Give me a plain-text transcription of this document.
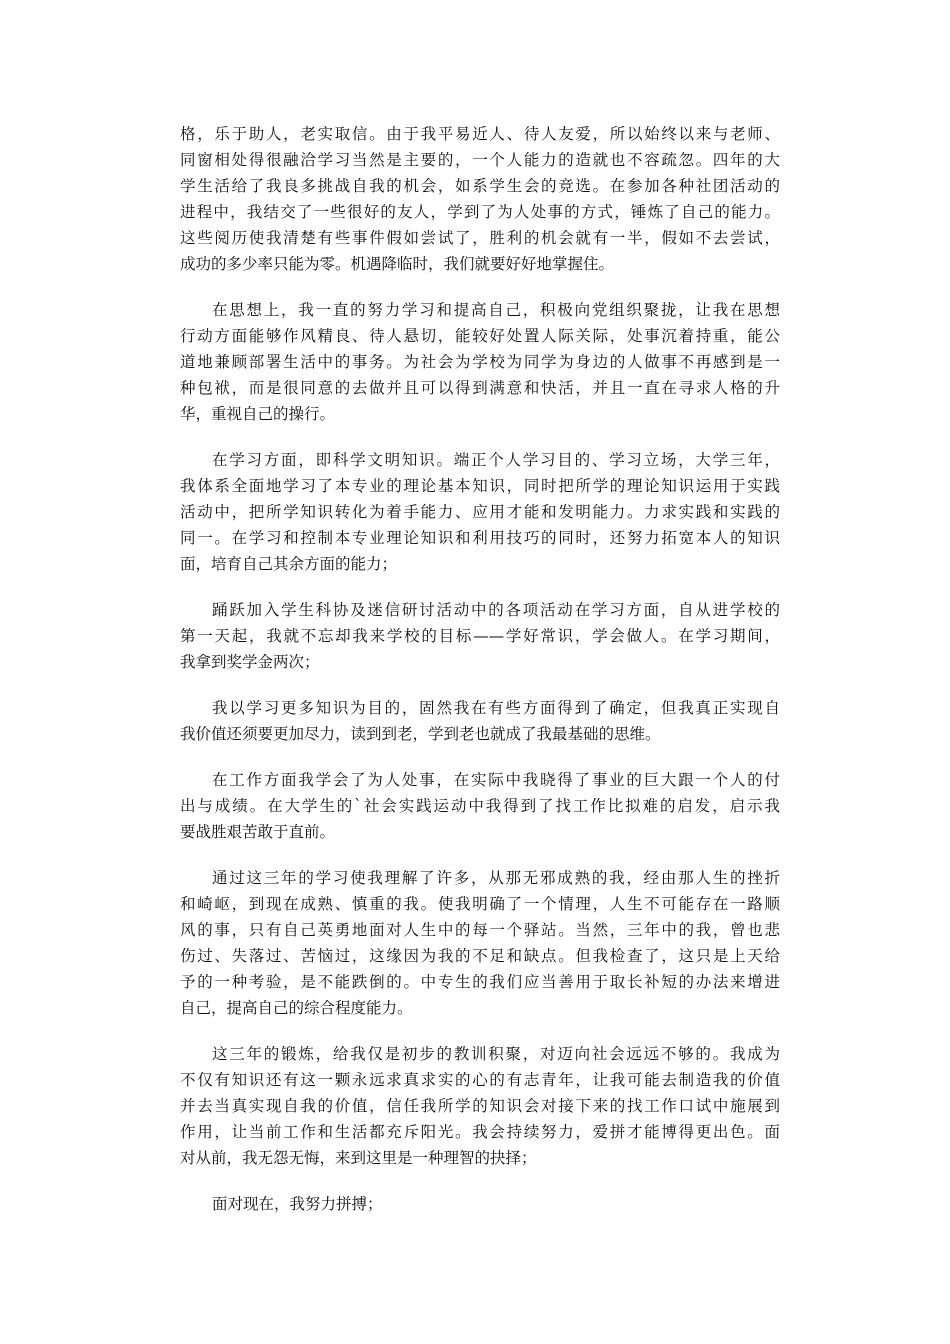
格，乐于助人，老实取信。由于我平易近人、待人友爱，所以始终以来与老师、
同窗相处得很融洽学习当然是主要的，一个人能力的造就也不容疏忽。四年的大
学生活给了我良多挑战自我的机会，如系学生会的竞选。在参加各种社团活动的
进程中，我结交了一些很好的友人，学到了为人处事的方式，锤炼了自己的能力。
这些阅历使我清楚有些事件假如尝试了，胜利的机会就有一半，假如不去尝试，
成功的多少率只能为零。机遇降临时，我们就要好好地掌握住。
在思想上，我一直的努力学习和提高自己，积极向党组织聚拢，让我在思想
行动方面能够作风精良、待人悬切，能较好处置人际关际，处事沉着持重，能公
道地兼顾部署生活中的事务。为社会为学校为同学为身边的人做事不再感到是一
种包袱，而是很同意的去做并且可以得到满意和快活，并且一直在寻求人格的升
华，重视自己的操行。
在学习方面，即科学文明知识。端正个人学习目的、学习立场，大学三年，
我体系全面地学习了本专业的理论基本知识，同时把所学的理论知识运用于实践
活动中，把所学知识转化为着手能力、应用才能和发明能力。力求实践和实践的
同一。在学习和控制本专业理论知识和利用技巧的同时，还努力拓宽本人的知识
面，培育自己其余方面的能力；
踊跃加入学生科协及迷信研讨活动中的各项活动在学习方面，自从进学校的
第一天起，我就不忘却我来学校的目标——学好常识，学会做人。在学习期间，
我拿到奖学金两次；
我以学习更多知识为目的，固然我在有些方面得到了确定，但我真正实现自
我价值还须要更加尽力，读到到老，学到老也就成了我最基础的思维。
在工作方面我学会了为人处事，在实际中我晓得了事业的巨大跟一个人的付
出与成绩。在大学生的`社会实践运动中我得到了找工作比拟难的启发，启示我
要战胜艰苦敢于直前。
通过这三年的学习使我理解了许多，从那无邪成熟的我，经由那人生的挫折
和崎岖，到现在成熟、慎重的我。使我明确了一个情理，人生不可能存在一路顺
风的事，只有自己英勇地面对人生中的每一个驿站。当然，三年中的我，曾也悲
伤过、失落过、苦恼过，这缘因为我的不足和缺点。但我检查了，这只是上天给
予的一种考验，是不能跌倒的。中专生的我们应当善用于取长补短的办法来增进
自己，提高自己的综合程度能力。
这三年的锻炼，给我仅是初步的教训积聚，对迈向社会远远不够的。我成为
不仅有知识还有这一颗永远求真求实的心的有志青年，让我可能去制造我的价值
并去当真实现自我的价值，信任我所学的知识会对接下来的找工作口试中施展到
作用，让当前工作和生活都充斥阳光。我会持续努力，爱拼才能博得更出色。面
对从前，我无怨无悔，来到这里是一种理智的抉择；
面对现在，我努力拼搏；
